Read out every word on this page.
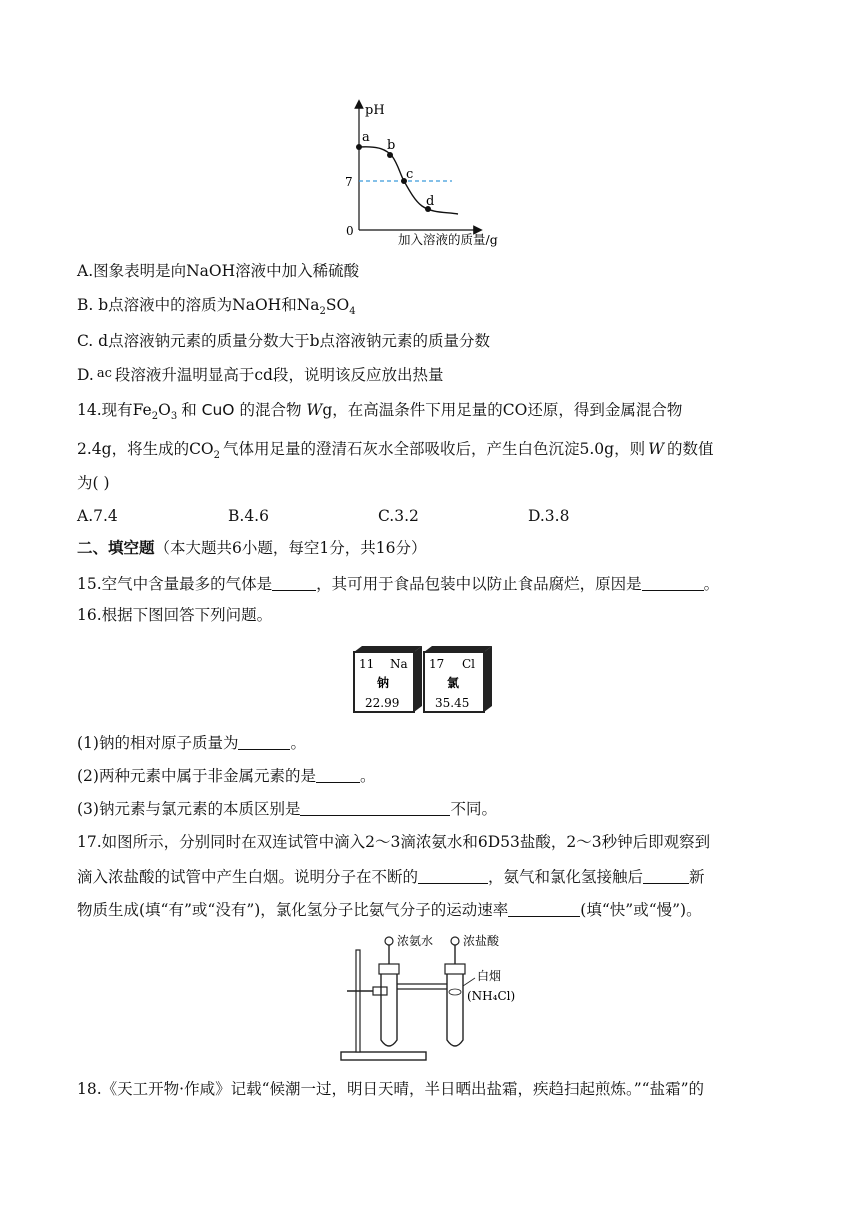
pH
0
7
a
b
c
d
加入溶液的质量/g
A.图象表明是向NaOH溶液中加入稀硫酸
B. b点溶液中的溶质为NaOH和$Na_2SO_4$
C. d点溶液钠元素的质量分数大于b点溶液钠元素的质量分数
D. ac 段溶液升温明显高于cd段，说明该反应放出热量
14.现有$Fe_2O_3$ 和 CuO 的混合物 Wg，在高温条件下用足量的CO还原，得到金属混合物
2.4g，将生成的$CO_2$ 气体用足量的澄清石灰水全部吸收后，产生白色沉淀5.0g，则 W 的数值
为( )
A.7.4	B.4.6	C.3.2	D.3.8
二、填空题（本大题共6小题，每空1分，共16分）
15.空气中含量最多的气体是	，其可用于食品包装中以防止食品腐烂，原因是	。
16.根据下图回答下列问题。
11 Na
钠
22.99
17 Cl
氯
35.45
(1)钠的相对原子质量为	。
(2)两种元素中属于非金属元素的是	。
(3)钠元素与氯元素的本质区别是	不同。
17.如图所示，分别同时在双连试管中滴入2～3滴浓氨水和6D53盐酸，2～3秒钟后即观察到
滴入浓盐酸的试管中产生白烟。说明分子在不断的	，氨气和氯化氢接触后	新
物质生成(填“有”或“没有”)，氯化氢分子比氨气分子的运动速率	(填“快”或“慢”)。
浓氨水 浓盐酸
白烟
(NH₄Cl)
18.《天工开物·作咸》记载“候潮一过，明日天晴，半日晒出盐霜，疾趋扫起煎炼。”“盐霜”的
